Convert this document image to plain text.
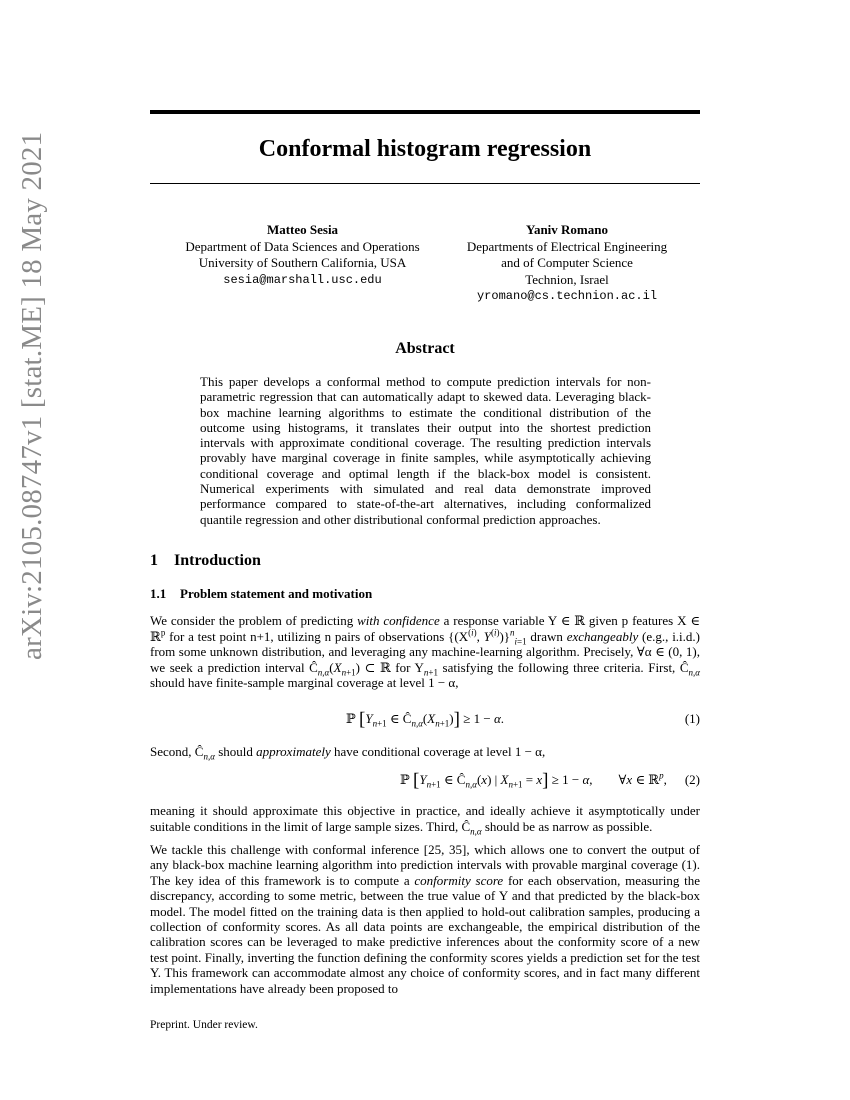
arXiv:2105.08747v1 [stat.ME] 18 May 2021	Conformal histogram regression
Matteo Sesia
Department of Data Sciences and Operations
University of Southern California, USA
sesia@marshall.usc.edu
Yaniv Romano
Departments of Electrical Engineering
and of Computer Science
Technion, Israel
yromano@cs.technion.ac.il
Abstract
This paper develops a conformal method to compute prediction intervals for non-parametric regression that can automatically adapt to skewed data. Leveraging black-box machine learning algorithms to estimate the conditional distribution of the outcome using histograms, it translates their output into the shortest prediction intervals with approximate conditional coverage. The resulting prediction intervals provably have marginal coverage in finite samples, while asymptotically achieving conditional coverage and optimal length if the black-box model is consistent. Numerical experiments with simulated and real data demonstrate improved performance compared to state-of-the-art alternatives, including conformalized quantile regression and other distributional conformal prediction approaches.
1 Introduction
1.1 Problem statement and motivation
We consider the problem of predicting with confidence a response variable Y ∈ ℝ given p features X ∈ ℝ$^p$ for a test point n+1, utilizing n pairs of observations {($X^{(i)}$, $Y^{(i)})\}^n_{i=1}$ drawn exchangeably (e.g., i.i.d.) from some unknown distribution, and leveraging any machine-learning algorithm. Precisely, ∀α ∈ (0, 1), we seek a prediction interval $Ĉ_{n,\alpha}(X_{n+1})$ ⊂ ℝ for $Y_{n+1}$ satisfying the following three criteria. First, $Ĉ_{n,\alpha}$ should have finite-sample marginal coverage at level 1 − α,
ℙ [$Y_{n+1}$ ∈ $Ĉ_{n,\alpha}(X_{n+1})] \ge 1 - \alpha$.	(1)
Second, $Ĉ_{n,\alpha}$ should approximately have conditional coverage at level 1 − α,
ℙ [$Y_{n+1}$ ∈ $Ĉ_{n,\alpha}(x)$ | $X_{n+1} = x] \ge 1 - \alpha$,        ∀x ∈ ℝ$^p$, (2)
meaning it should approximate this objective in practice, and ideally achieve it asymptotically under suitable conditions in the limit of large sample sizes. Third, $Ĉ_{n,\alpha}$ should be as narrow as possible.
We tackle this challenge with conformal inference [25, 35], which allows one to convert the output of any black-box machine learning algorithm into prediction intervals with provable marginal coverage (1). The key idea of this framework is to compute a conformity score for each observation, measuring the discrepancy, according to some metric, between the true value of Y and that predicted by the black-box model. The model fitted on the training data is then applied to hold-out calibration samples, producing a collection of conformity scores. As all data points are exchangeable, the empirical distribution of the calibration scores can be leveraged to make predictive inferences about the conformity score of a new test point. Finally, inverting the function defining the conformity scores yields a prediction set for the test Y. This framework can accommodate almost any choice of conformity scores, and in fact many different implementations have already been proposed to
Preprint. Under review.
